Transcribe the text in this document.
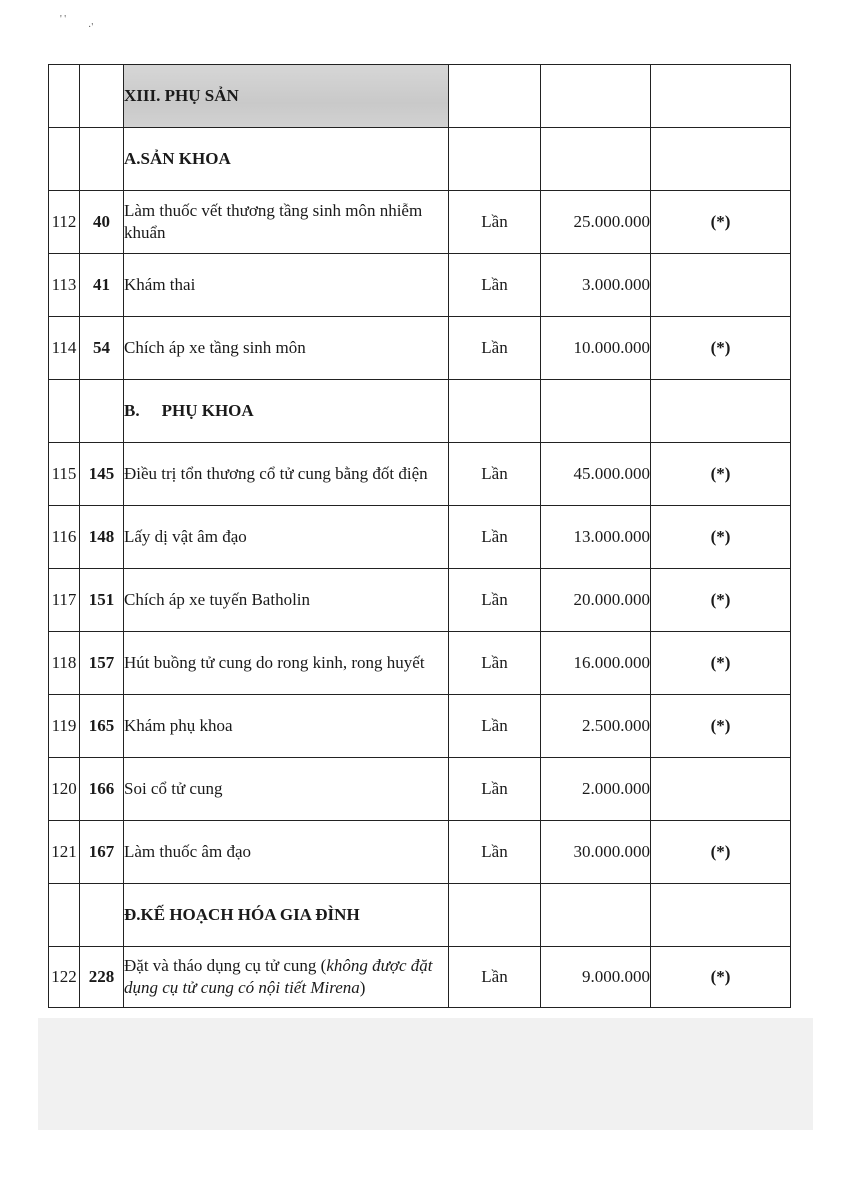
' '
·'
		XIII. PHỤ SẢN			
		A.SẢN KHOA			
112	40	Làm thuốc vết thương tầng sinh môn nhiễm khuẩn	Lần	25.000.000	(*)
113	41	Khám thai	Lần	3.000.000	
114	54	Chích áp xe tầng sinh môn	Lần	10.000.000	(*)
		B. PHỤ KHOA			
115	145	Điều trị tổn thương cổ tử cung bằng đốt điện	Lần	45.000.000	(*)
116	148	Lấy dị vật âm đạo	Lần	13.000.000	(*)
117	151	Chích áp xe tuyến Batholin	Lần	20.000.000	(*)
118	157	Hút buồng tử cung do rong kinh, rong huyết	Lần	16.000.000	(*)
119	165	Khám phụ khoa	Lần	2.500.000	(*)
120	166	Soi cổ tử cung	Lần	2.000.000	
121	167	Làm thuốc âm đạo	Lần	30.000.000	(*)
		Đ.KẾ HOẠCH HÓA GIA ĐÌNH			
122	228	Đặt và tháo dụng cụ tử cung (không được đặt dụng cụ tử cung có nội tiết Mirena)	Lần	9.000.000	(*)
